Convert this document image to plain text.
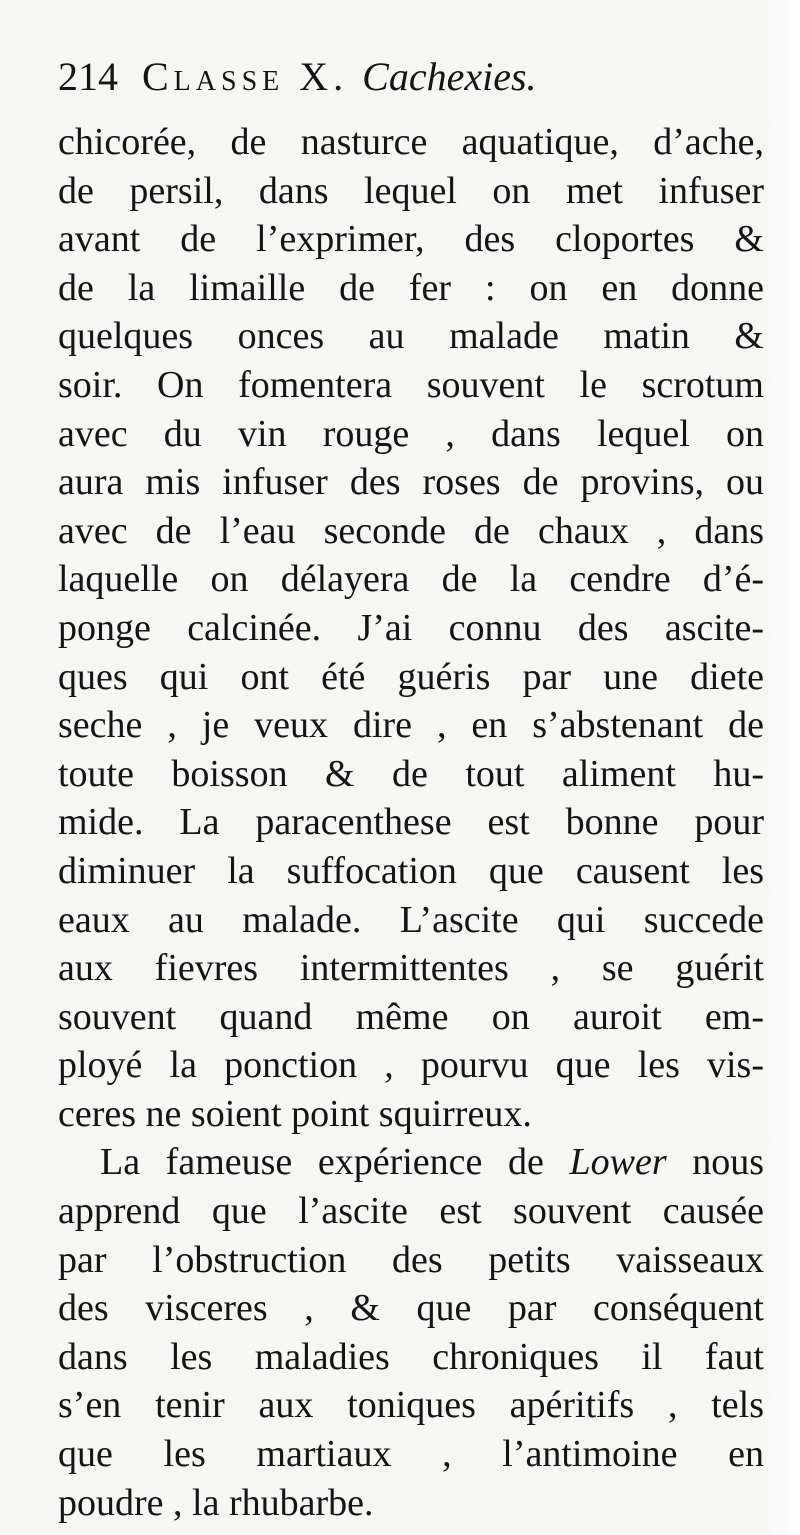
214 Classe X. Cachexies.
chicorée, de nasturce aquatique, d’ache,
de persil, dans lequel on met infuser
avant de l’exprimer, des cloportes &
de la limaille de fer : on en donne
quelques onces au malade matin &
soir. On fomentera souvent le scrotum
avec du vin rouge , dans lequel on
aura mis infuser des roses de provins, ou
avec de l’eau seconde de chaux , dans
laquelle on délayera de la cendre d’é-
ponge calcinée. J’ai connu des ascite-
ques qui ont été guéris par une diete
seche , je veux dire , en s’abstenant de
toute boisson & de tout aliment hu-
mide. La paracenthese est bonne pour
diminuer la suffocation que causent les
eaux au malade. L’ascite qui succede
aux fievres intermittentes , se guérit
souvent quand même on auroit em-
ployé la ponction , pourvu que les vis-
ceres ne soient point squirreux.
La fameuse expérience de Lower nous
apprend que l’ascite est souvent causée
par l’obstruction des petits vaisseaux
des visceres , & que par conséquent
dans les maladies chroniques il faut
s’en tenir aux toniques apéritifs , tels
que les martiaux , l’antimoine en
poudre , la rhubarbe.
